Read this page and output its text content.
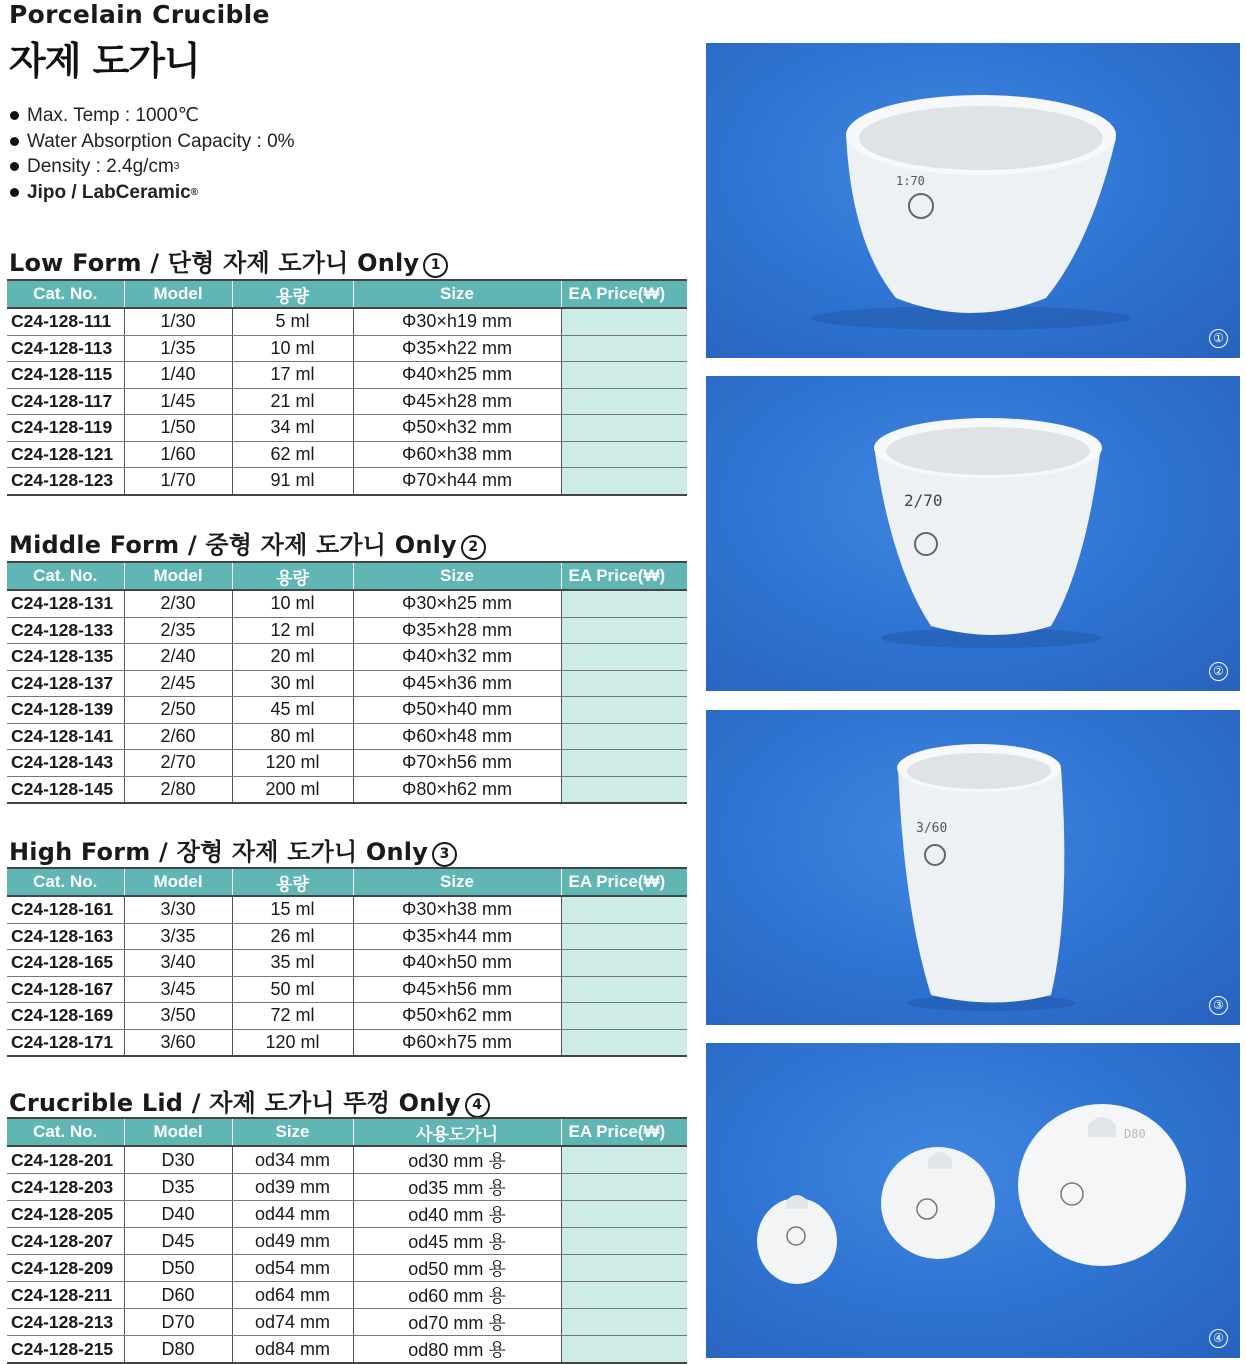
Porcelain Crucible
자제 도가니
Max. Temp : 1000℃
Water Absorption Capacity : 0%
Density : 2.4g/cm 3
Jipo / LabCeramic ®
Low Form / 단형 자제 도가니 Only 1
Middle Form / 중형 자제 도가니 Only 2
High Form / 장형 자제 도가니 Only 3
Crucrible Lid / 자제 도가니 뚜껑 Only 4
Cat. No.	Model	용량	Size	EA Price(₩)
C24-128-111	1/30	5 ml	Φ30×h19 mm	
C24-128-113	1/35	10 ml	Φ35×h22 mm	
C24-128-115	1/40	17 ml	Φ40×h25 mm	
C24-128-117	1/45	21 ml	Φ45×h28 mm	
C24-128-119	1/50	34 ml	Φ50×h32 mm	
C24-128-121	1/60	62 ml	Φ60×h38 mm	
C24-128-123	1/70	91 ml	Φ70×h44 mm	
Cat. No.	Model	용량	Size	EA Price(₩)
C24-128-131	2/30	10 ml	Φ30×h25 mm	
C24-128-133	2/35	12 ml	Φ35×h28 mm	
C24-128-135	2/40	20 ml	Φ40×h32 mm	
C24-128-137	2/45	30 ml	Φ45×h36 mm	
C24-128-139	2/50	45 ml	Φ50×h40 mm	
C24-128-141	2/60	80 ml	Φ60×h48 mm	
C24-128-143	2/70	120 ml	Φ70×h56 mm	
C24-128-145	2/80	200 ml	Φ80×h62 mm	
Cat. No.	Model	용량	Size	EA Price(₩)
C24-128-161	3/30	15 ml	Φ30×h38 mm	
C24-128-163	3/35	26 ml	Φ35×h44 mm	
C24-128-165	3/40	35 ml	Φ40×h50 mm	
C24-128-167	3/45	50 ml	Φ45×h56 mm	
C24-128-169	3/50	72 ml	Φ50×h62 mm	
C24-128-171	3/60	120 ml	Φ60×h75 mm	
Cat. No.	Model	Size	사용도가니	EA Price(₩)
C24-128-201	D30	od34 mm	od30 mm 용	
C24-128-203	D35	od39 mm	od35 mm 용	
C24-128-205	D40	od44 mm	od40 mm 용	
C24-128-207	D45	od49 mm	od45 mm 용	
C24-128-209	D50	od54 mm	od50 mm 용	
C24-128-211	D60	od64 mm	od60 mm 용	
C24-128-213	D70	od74 mm	od70 mm 용	
C24-128-215	D80	od84 mm	od80 mm 용	
1:70
①
2/70
②
3/60
③
D80
④
